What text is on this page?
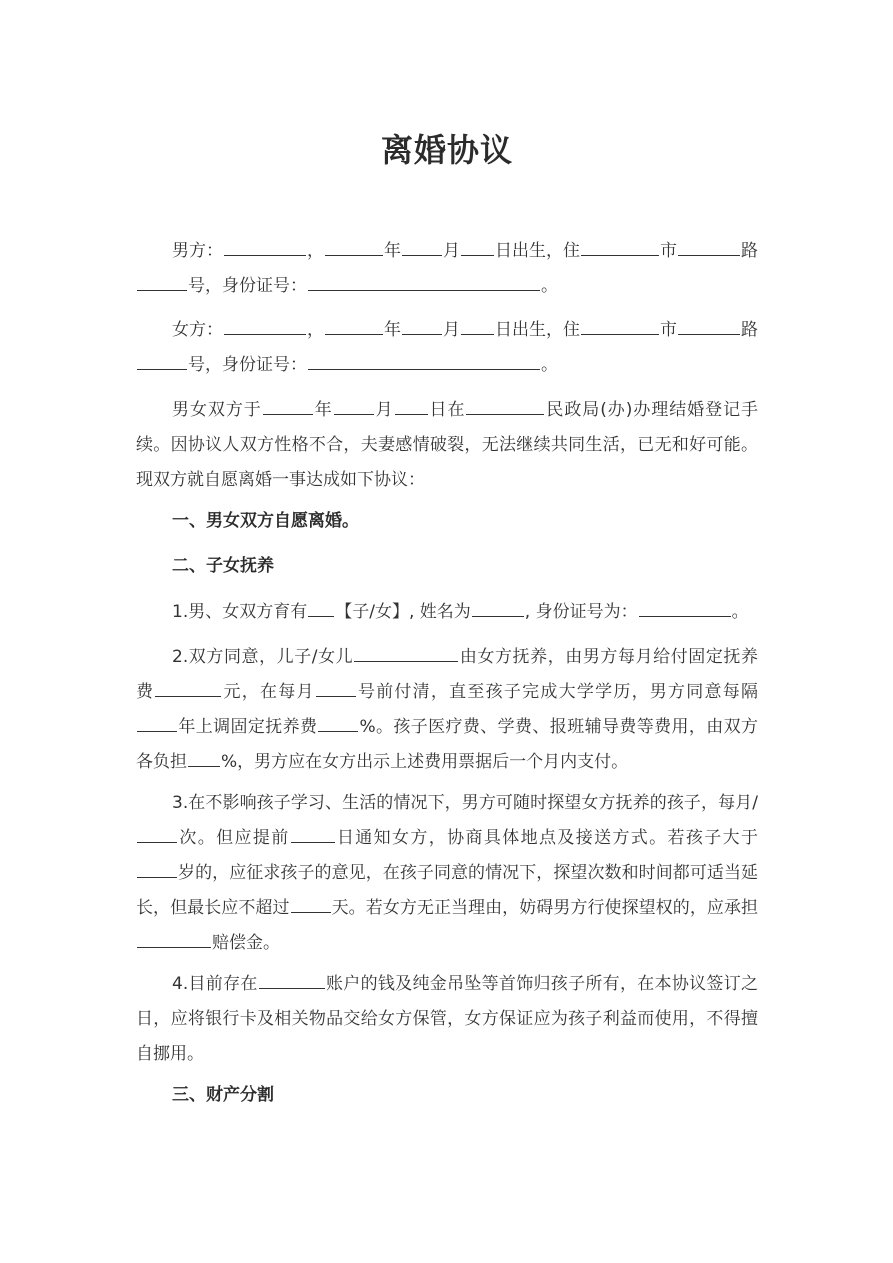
离婚协议

男方：	，	年 月 日出生，住	市	路号，身份证号：	。

女方：	，	年 月 日出生，住	市	路号，身份证号：	。

男女双方于	年 月 日在	民政局(办)办理结婚登记手续。因协议人双方性格不合，夫妻感情破裂，无法继续共同生活，已无和好可能。现双方就自愿离婚一事达成如下协议：

一、男女双方自愿离婚。

二、子女抚养

1.男、女双方育有 【子/女】, 姓名为	, 身份证号为：	。

2.双方同意，儿子/女儿	由女方抚养，由男方每月给付固定抚养费	元，在每月 号前付清，直至孩子完成大学学历，男方同意每隔年上调固定抚养费 %。孩子医疗费、学费、报班辅导费等费用，由双方各负担 %，男方应在女方出示上述费用票据后一个月内支付。

3.在不影响孩子学习、生活的情况下，男方可随时探望女方抚养的孩子，每月/次。但应提前	日通知女方，协商具体地点及接送方式。若孩子大于岁的，应征求孩子的意见，在孩子同意的情况下，探望次数和时间都可适当延长，但最长应不超过 天。若女方无正当理由，妨碍男方行使探望权的，应承担赔偿金。

4.目前存在	账户的钱及纯金吊坠等首饰归孩子所有，在本协议签订之日，应将银行卡及相关物品交给女方保管，女方保证应为孩子利益而使用，不得擅自挪用。

三、财产分割
